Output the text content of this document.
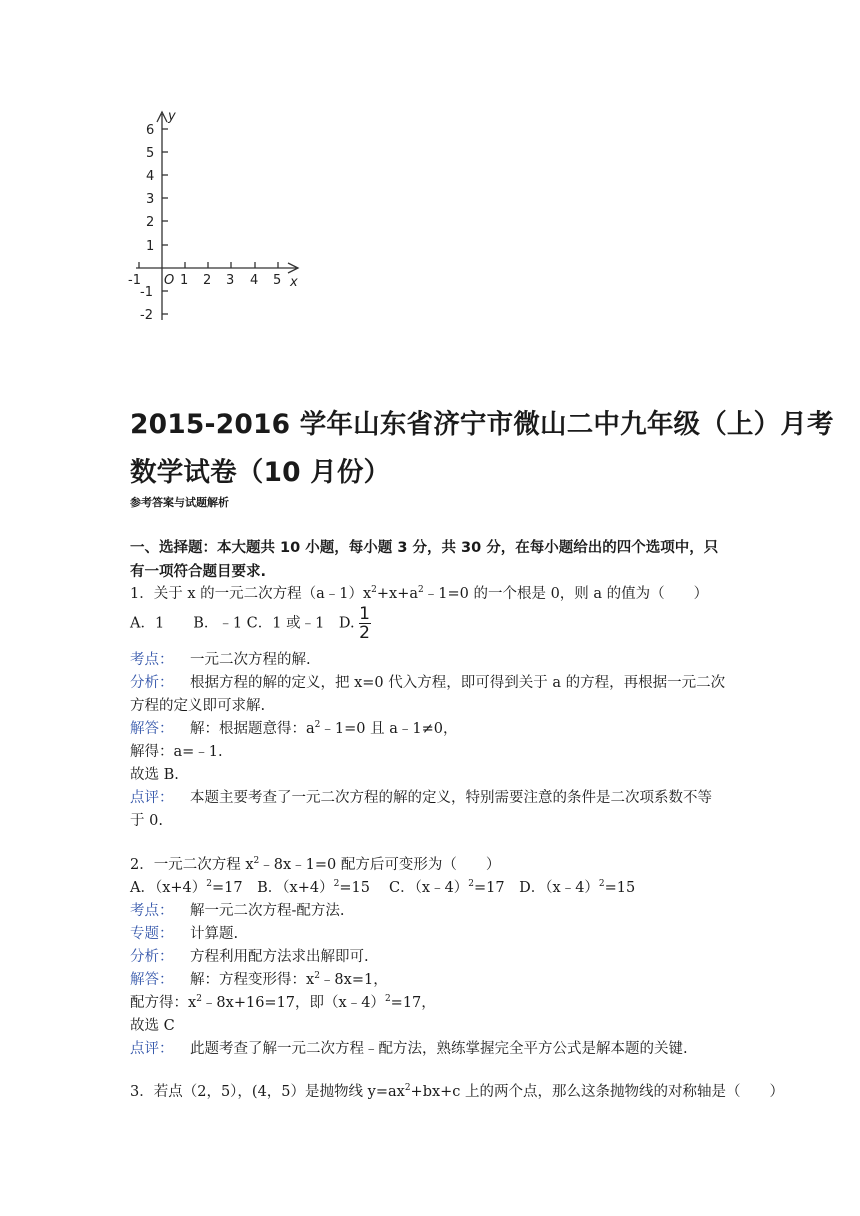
y
x
O
6
5
4
3
2
1
-1
-2
-1	1 2 3 4 5
2015-2016 学年山东省济宁市微山二中九年级（上）月考
数学试卷（10 月份）
参考答案与试题解析
一、选择题：本大题共 10 小题，每小题 3 分，共 30 分，在每小题给出的四个选项中，只
有一项符合题目要求.
1．关于 x 的一元二次方程$(a﹣1)x^2+x+a^2﹣1=0$ 的一个根是 0，则 a 的值为（　　）
A．1　　B．﹣1 C．1 或﹣1　D. $\frac{1}{2}$
考点： 一元二次方程的解.
分析： 根据方程的解的定义，把 x=0 代入方程，即可得到关于 a 的方程，再根据一元二次
方程的定义即可求解.
解答： 解：根据题意得：$a^2﹣1=0$ 且 a﹣1≠0，
解得：a=﹣1.
故选 B.
点评： 本题主要考查了一元二次方程的解的定义，特别需要注意的条件是二次项系数不等
于 0.
2．一元二次方程 $x^2﹣8x﹣1=0$ 配方后可变形为（　　）
A．$(x+4)^2=17$　B．$(x+4)^2=15$　 C．（x﹣4）$^2$=17　D．（x﹣4）$^2$=15
考点： 解一元二次方程-配方法.
专题： 计算题.
分析： 方程利用配方法求出解即可.
解答： 解：方程变形得：$x^2﹣8x=1$，
配方得：$x^2﹣8x+16=17$，即（x﹣4）$^2$=17，
故选 C
点评： 此题考查了解一元二次方程﹣配方法，熟练掌握完全平方公式是解本题的关键.
3．若点（2，5），(4，5）是抛物线 $y=ax^2+bx+c$ 上的两个点，那么这条抛物线的对称轴是（　　）
